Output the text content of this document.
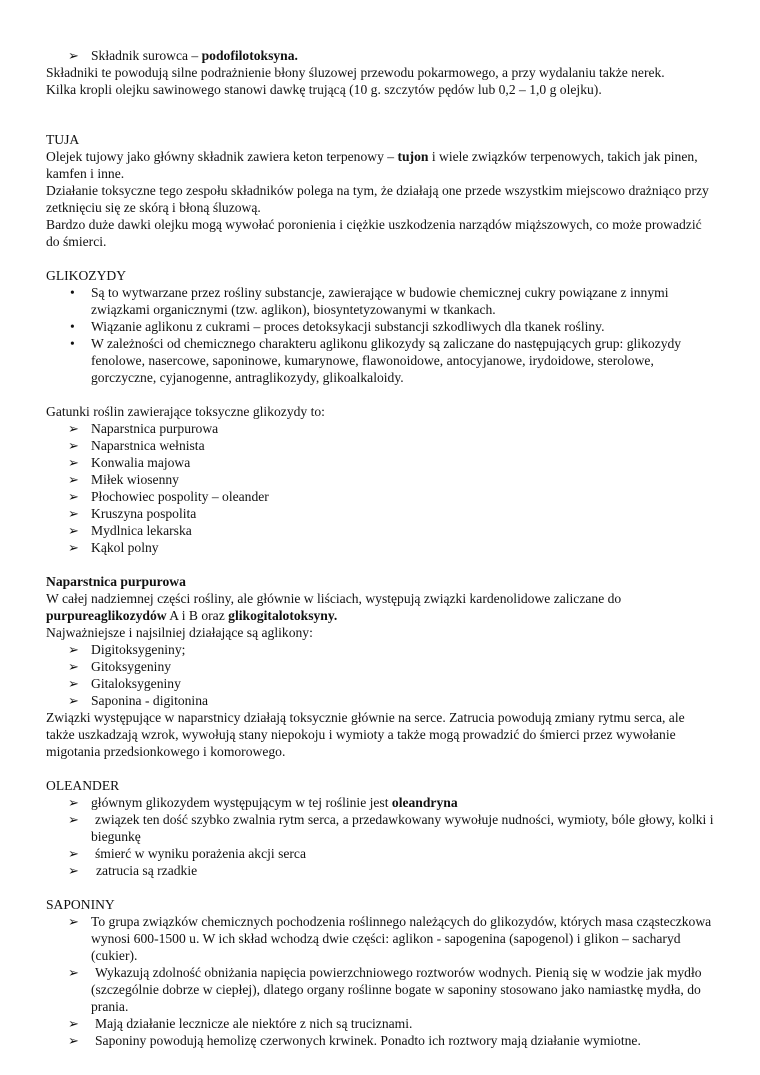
➢ Składnik surowca – podofilotoksyna.

Składniki te powodują silne podrażnienie błony śluzowej przewodu pokarmowego, a przy wydalaniu także nerek.

Kilka kropli olejku sawinowego stanowi dawkę trującą (10 g. szczytów pędów lub 0,2 – 1,0 g olejku).

TUJA

Olejek tujowy jako główny składnik zawiera keton terpenowy – tujon i wiele związków terpenowych, takich jak pinen, kamfen i inne.

Działanie toksyczne tego zespołu składników polega na tym, że działają one przede wszystkim miejscowo drażniąco przy zetknięciu się ze skórą i błoną śluzową.

Bardzo duże dawki olejku mogą wywołać poronienia i ciężkie uszkodzenia narządów miąższowych, co może prowadzić do śmierci.

GLIKOZYDY

• Są to wytwarzane przez rośliny substancje, zawierające w budowie chemicznej cukry powiązane z innymi związkami organicznymi (tzw. aglikon), biosyntetyzowanymi w tkankach.
• Wiązanie aglikonu z cukrami – proces detoksykacji substancji szkodliwych dla tkanek rośliny.
• W zależności od chemicznego charakteru aglikonu glikozydy są zaliczane do następujących grup: glikozydy fenolowe, nasercowe, saponinowe, kumarynowe, flawonoidowe, antocyjanowe, irydoidowe, sterolowe, gorczyczne, cyjanogenne, antraglikozydy, glikoalkaloidy.

Gatunki roślin zawierające toksyczne glikozydy to:

➢ Naparstnica purpurowa
➢ Naparstnica wełnista
➢ Konwalia majowa
➢ Miłek wiosenny
➢ Płochowiec pospolity – oleander
➢ Kruszyna pospolita
➢ Mydlnica lekarska
➢ Kąkol polny

Naparstnica purpurowa

W całej nadziemnej części rośliny, ale głównie w liściach, występują związki kardenolidowe zaliczane do purpureaglikozydów A i B oraz glikogitalotoksyny.

Najważniejsze i najsilniej działające są aglikony:

➢ Digitoksygeniny;
➢ Gitoksygeniny
➢ Gitaloksygeniny
➢ Saponina - digitonina

Związki występujące w naparstnicy działają toksycznie głównie na serce. Zatrucia powodują zmiany rytmu serca, ale także uszkadzają wzrok, wywołują stany niepokoju i wymioty a także mogą prowadzić do śmierci przez wywołanie migotania przedsionkowego i komorowego.

OLEANDER

➢ głównym glikozydem występującym w tej roślinie jest oleandryna
➢ związek ten dość szybko zwalnia rytm serca, a przedawkowany wywołuje nudności, wymioty, bóle głowy, kolki i biegunkę
➢ śmierć w wyniku porażenia akcji serca
➢ zatrucia są rzadkie

SAPONINY

➢ To grupa związków chemicznych pochodzenia roślinnego należących do glikozydów, których masa cząsteczkowa wynosi 600-1500 u. W ich skład wchodzą dwie części: aglikon - sapogenina (sapogenol) i glikon – sacharyd (cukier).
➢ Wykazują zdolność obniżania napięcia powierzchniowego roztworów wodnych. Pienią się w wodzie jak mydło (szczególnie dobrze w ciepłej), dlatego organy roślinne bogate w saponiny stosowano jako namiastkę mydła, do prania.
➢ Mają działanie lecznicze ale niektóre z nich są truciznami.
➢ Saponiny powodują hemolizę czerwonych krwinek. Ponadto ich roztwory mają działanie wymiotne.
